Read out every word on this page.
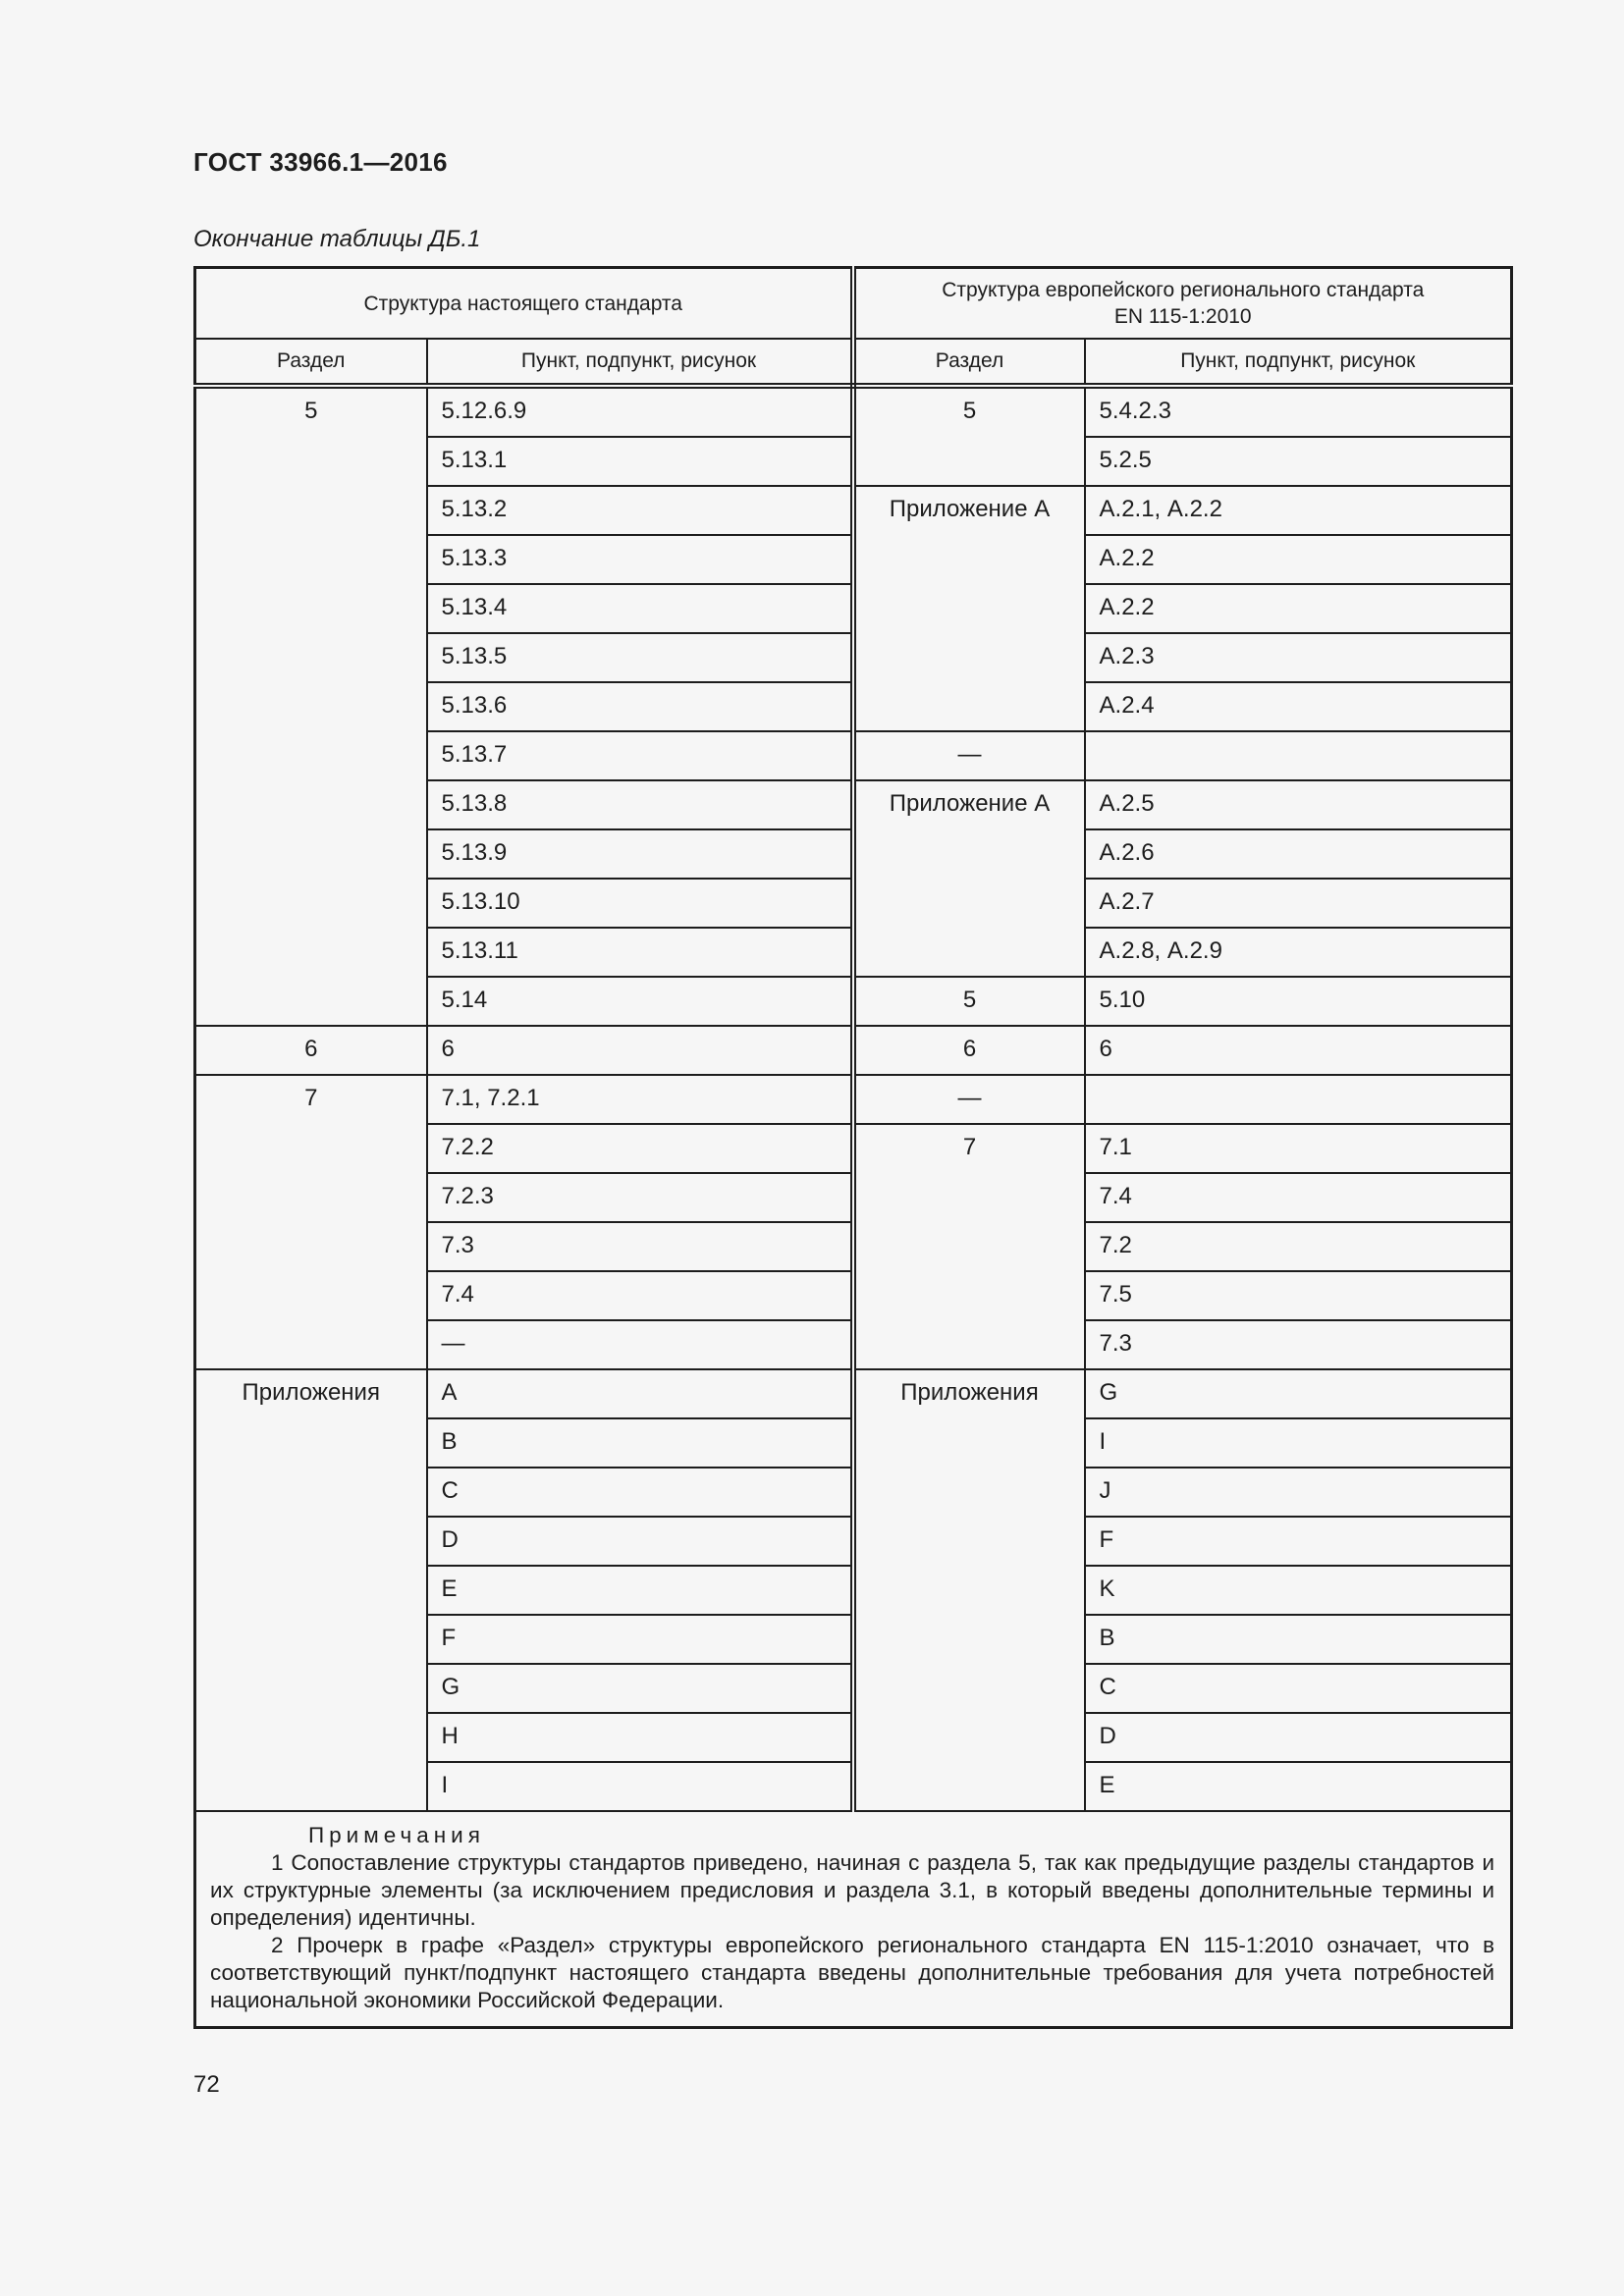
ГОСТ 33966.1—2016
Окончание таблицы ДБ.1
Структура настоящего стандарта		Структура европейского регионального стандарта
EN 115-1:2010	
Раздел	Пункт, подпункт, рисунок	Раздел	Пункт, подпункт, рисунок
5	5.12.6.9	5	5.4.2.3
	5.13.1		5.2.5
	5.13.2	Приложение А	А.2.1, А.2.2
	5.13.3		А.2.2
	5.13.4		А.2.2
	5.13.5		А.2.3
	5.13.6		А.2.4
	5.13.7	—	
	5.13.8	Приложение А	А.2.5
	5.13.9		А.2.6
	5.13.10		А.2.7
	5.13.11		А.2.8, А.2.9
	5.14	5	5.10
6	6	6	6
7	7.1, 7.2.1	—	
	7.2.2	7	7.1
	7.2.3		7.4
	7.3		7.2
	7.4		7.5
	—		7.3
Приложения	A	Приложения	G
	B		I
	C		J
	D		F
	E		K
	F		B
	G		C
	H		D
	I		E

Примечания
1 Сопоставление структуры стандартов приведено, начиная с раздела 5, так как предыдущие разделы стандартов и их структурные элементы (за исключением предисловия и раздела 3.1, в который введены дополнительные термины и определения) идентичны.
2 Прочерк в графе «Раздел» структуры европейского регионального стандарта EN 115-1:2010 означает, что в соответствующий пункт/подпункт настоящего стандарта введены дополнительные требования для учета потребностей национальной экономики Российской Федерации.			
72
